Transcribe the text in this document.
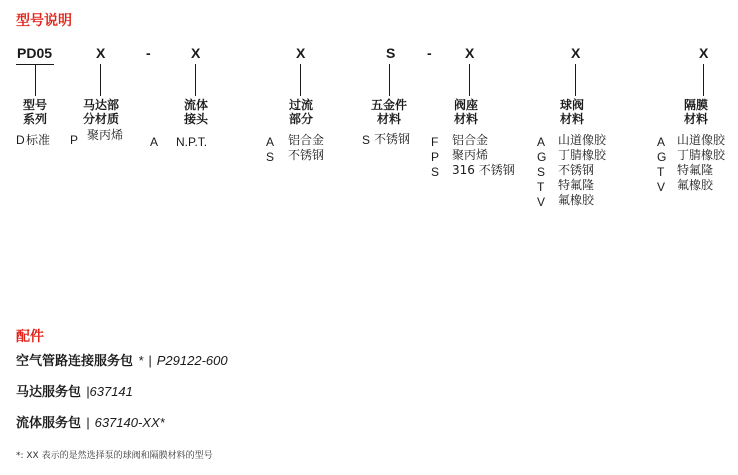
型号说明
PD05	X	-	X	X	S - X	X	X
型号
系列
马达部
分材质
流体
接头
过流
部分
五金件
材料
阀座
材料
球阀
材料
隔膜
材料
D 标准 P 聚丙烯 A N.P.T.	A 铝合金
S 不锈钢
S 不锈钢 F 铝合金
P 聚丙烯
S 316 不锈钢
A 山道像胶
G 丁腈橡胶
S 不锈钢
T 特氟隆
V 氟橡胶
A 山道像胶
G 丁腈橡胶
T 特氟隆
V 氟橡胶
配件
空气管路连接服务包 * | P29122-600
马达服务包 |637141
流体服务包 | 637140-XX*
*: XX 表示的是然选择泵的球阀和隔膜材料的型号
